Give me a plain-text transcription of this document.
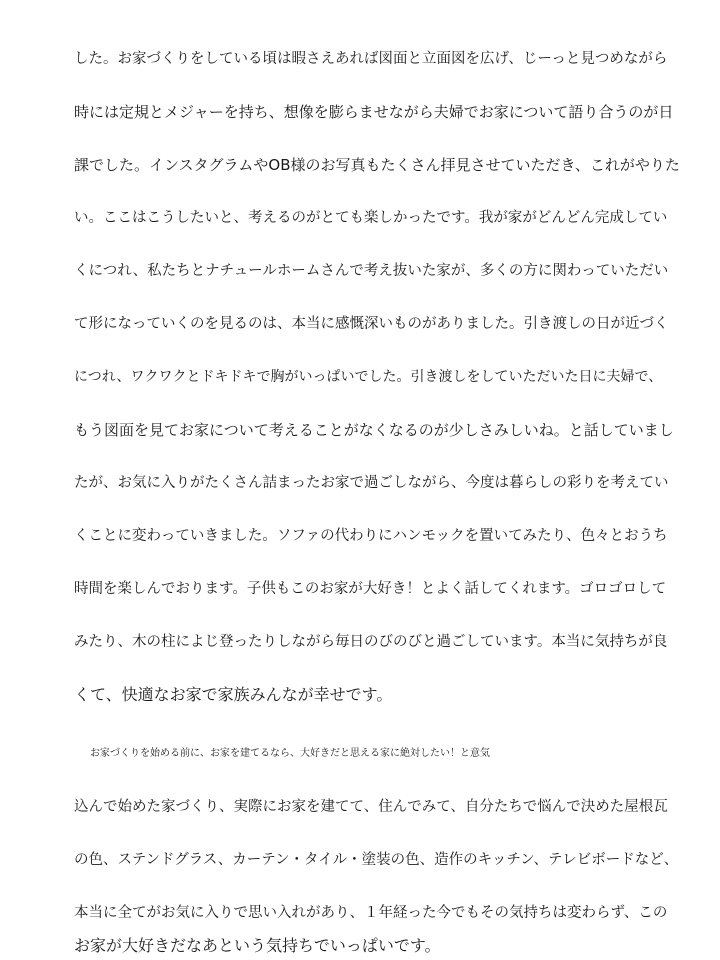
した。お家づくりをしている頃は暇さえあれば図面と立面図を広げ、じーっと見つめながら
時には定規とメジャーを持ち、想像を膨らませながら夫婦でお家について語り合うのが日
課でした。インスタグラムやOB様のお写真もたくさん拝見させていただき、これがやりた
い。ここはこうしたいと、考えるのがとても楽しかったです。我が家がどんどん完成してい
くにつれ、私たちとナチュールホームさんで考え抜いた家が、多くの方に関わっていただい
て形になっていくのを見るのは、本当に感慨深いものがありました。引き渡しの日が近づく
につれ、ワクワクとドキドキで胸がいっぱいでした。引き渡しをしていただいた日に夫婦で、
もう図面を見てお家について考えることがなくなるのが少しさみしいね。と話していまし
たが、お気に入りがたくさん詰まったお家で過ごしながら、今度は暮らしの彩りを考えてい
くことに変わっていきました。ソファの代わりにハンモックを置いてみたり、色々とおうち
時間を楽しんでおります。子供もこのお家が大好き！とよく話してくれます。ゴロゴロして
みたり、木の柱によじ登ったりしながら毎日のびのびと過ごしています。本当に気持ちが良
くて、快適なお家で家族みんなが幸せです。
お家づくりを始める前に、お家を建てるなら、大好きだと思える家に絶対したい！と意気
込んで始めた家づくり、実際にお家を建てて、住んでみて、自分たちで悩んで決めた屋根瓦
の色、ステンドグラス、カーテン・タイル・塗装の色、造作のキッチン、テレビボードなど、
本当に全てがお気に入りで思い入れがあり、１年経った今でもその気持ちは変わらず、この
お家が大好きだなあという気持ちでいっぱいです。
